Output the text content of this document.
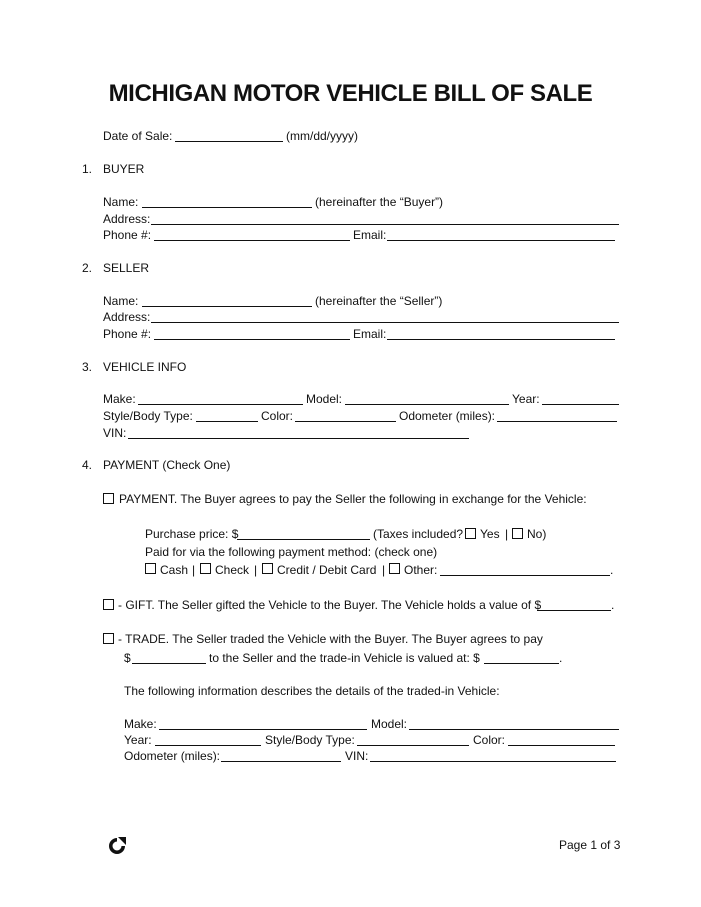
MICHIGAN MOTOR VEHICLE BILL OF SALE
Date of Sale:	(mm/dd/yyyy)
1. BUYER
Name:	(hereinafter the “Buyer”)
Address:
Phone #:	Email:
2. SELLER
Name:	(hereinafter the “Seller”)
Address:
Phone #:	Email:
3. VEHICLE INFO
Make:	Model:	Year:
Style/Body Type:	Color:	Odometer (miles):
VIN:
4. PAYMENT (Check One)
PAYMENT. The Buyer agrees to pay the Seller the following in exchange for the Vehicle:
Purchase price: $	(Taxes included? Yes | No)
Paid for via the following payment method: (check one)
Cash | Check | Credit / Debit Card | Other:	.
- GIFT. The Seller gifted the Vehicle to the Buyer. The Vehicle holds a value of $	.
- TRADE. The Seller traded the Vehicle with the Buyer. The Buyer agrees to pay
$	to the Seller and the trade-in Vehicle is valued at: $	.
The following information describes the details of the traded-in Vehicle:
Make:	Model:
Year:	Style/Body Type:	Color:
Odometer (miles):	VIN:
Page 1 of 3
